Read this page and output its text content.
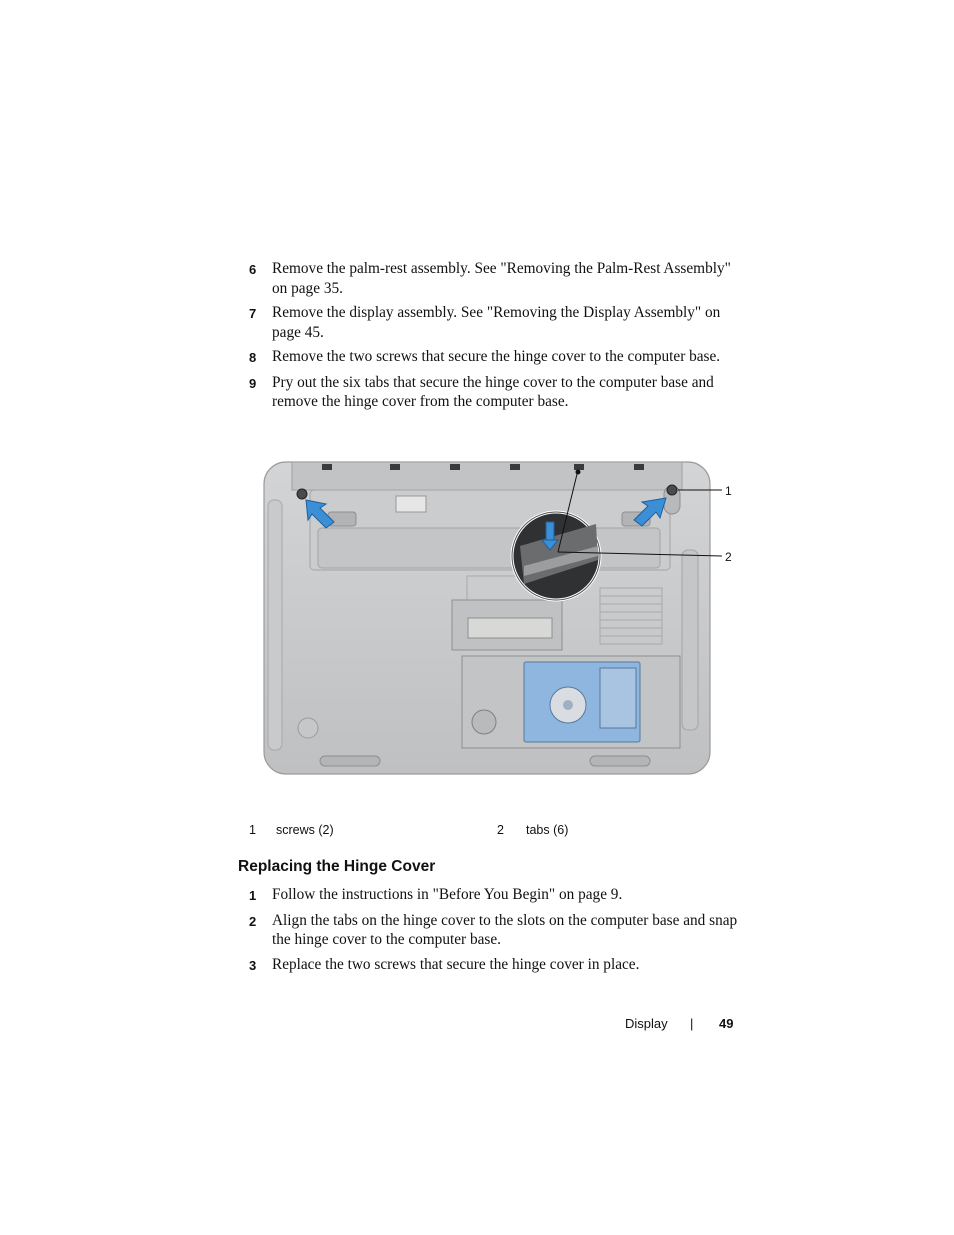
6	Remove the palm-rest assembly. See "Removing the Palm-Rest Assembly" on page 35.
7	Remove the display assembly. See "Removing the Display Assembly" on page 45.
8	Remove the two screws that secure the hinge cover to the computer base.
9	Pry out the six tabs that secure the hinge cover to the computer base and remove the hinge cover from the computer base.
1
2
1 screws (2)	2 tabs (6)
Replacing the Hinge Cover
1	Follow the instructions in "Before You Begin" on page 9.
2	Align the tabs on the hinge cover to the slots on the computer base and snap the hinge cover to the computer base.
3	Replace the two screws that secure the hinge cover in place.
Display | 49
